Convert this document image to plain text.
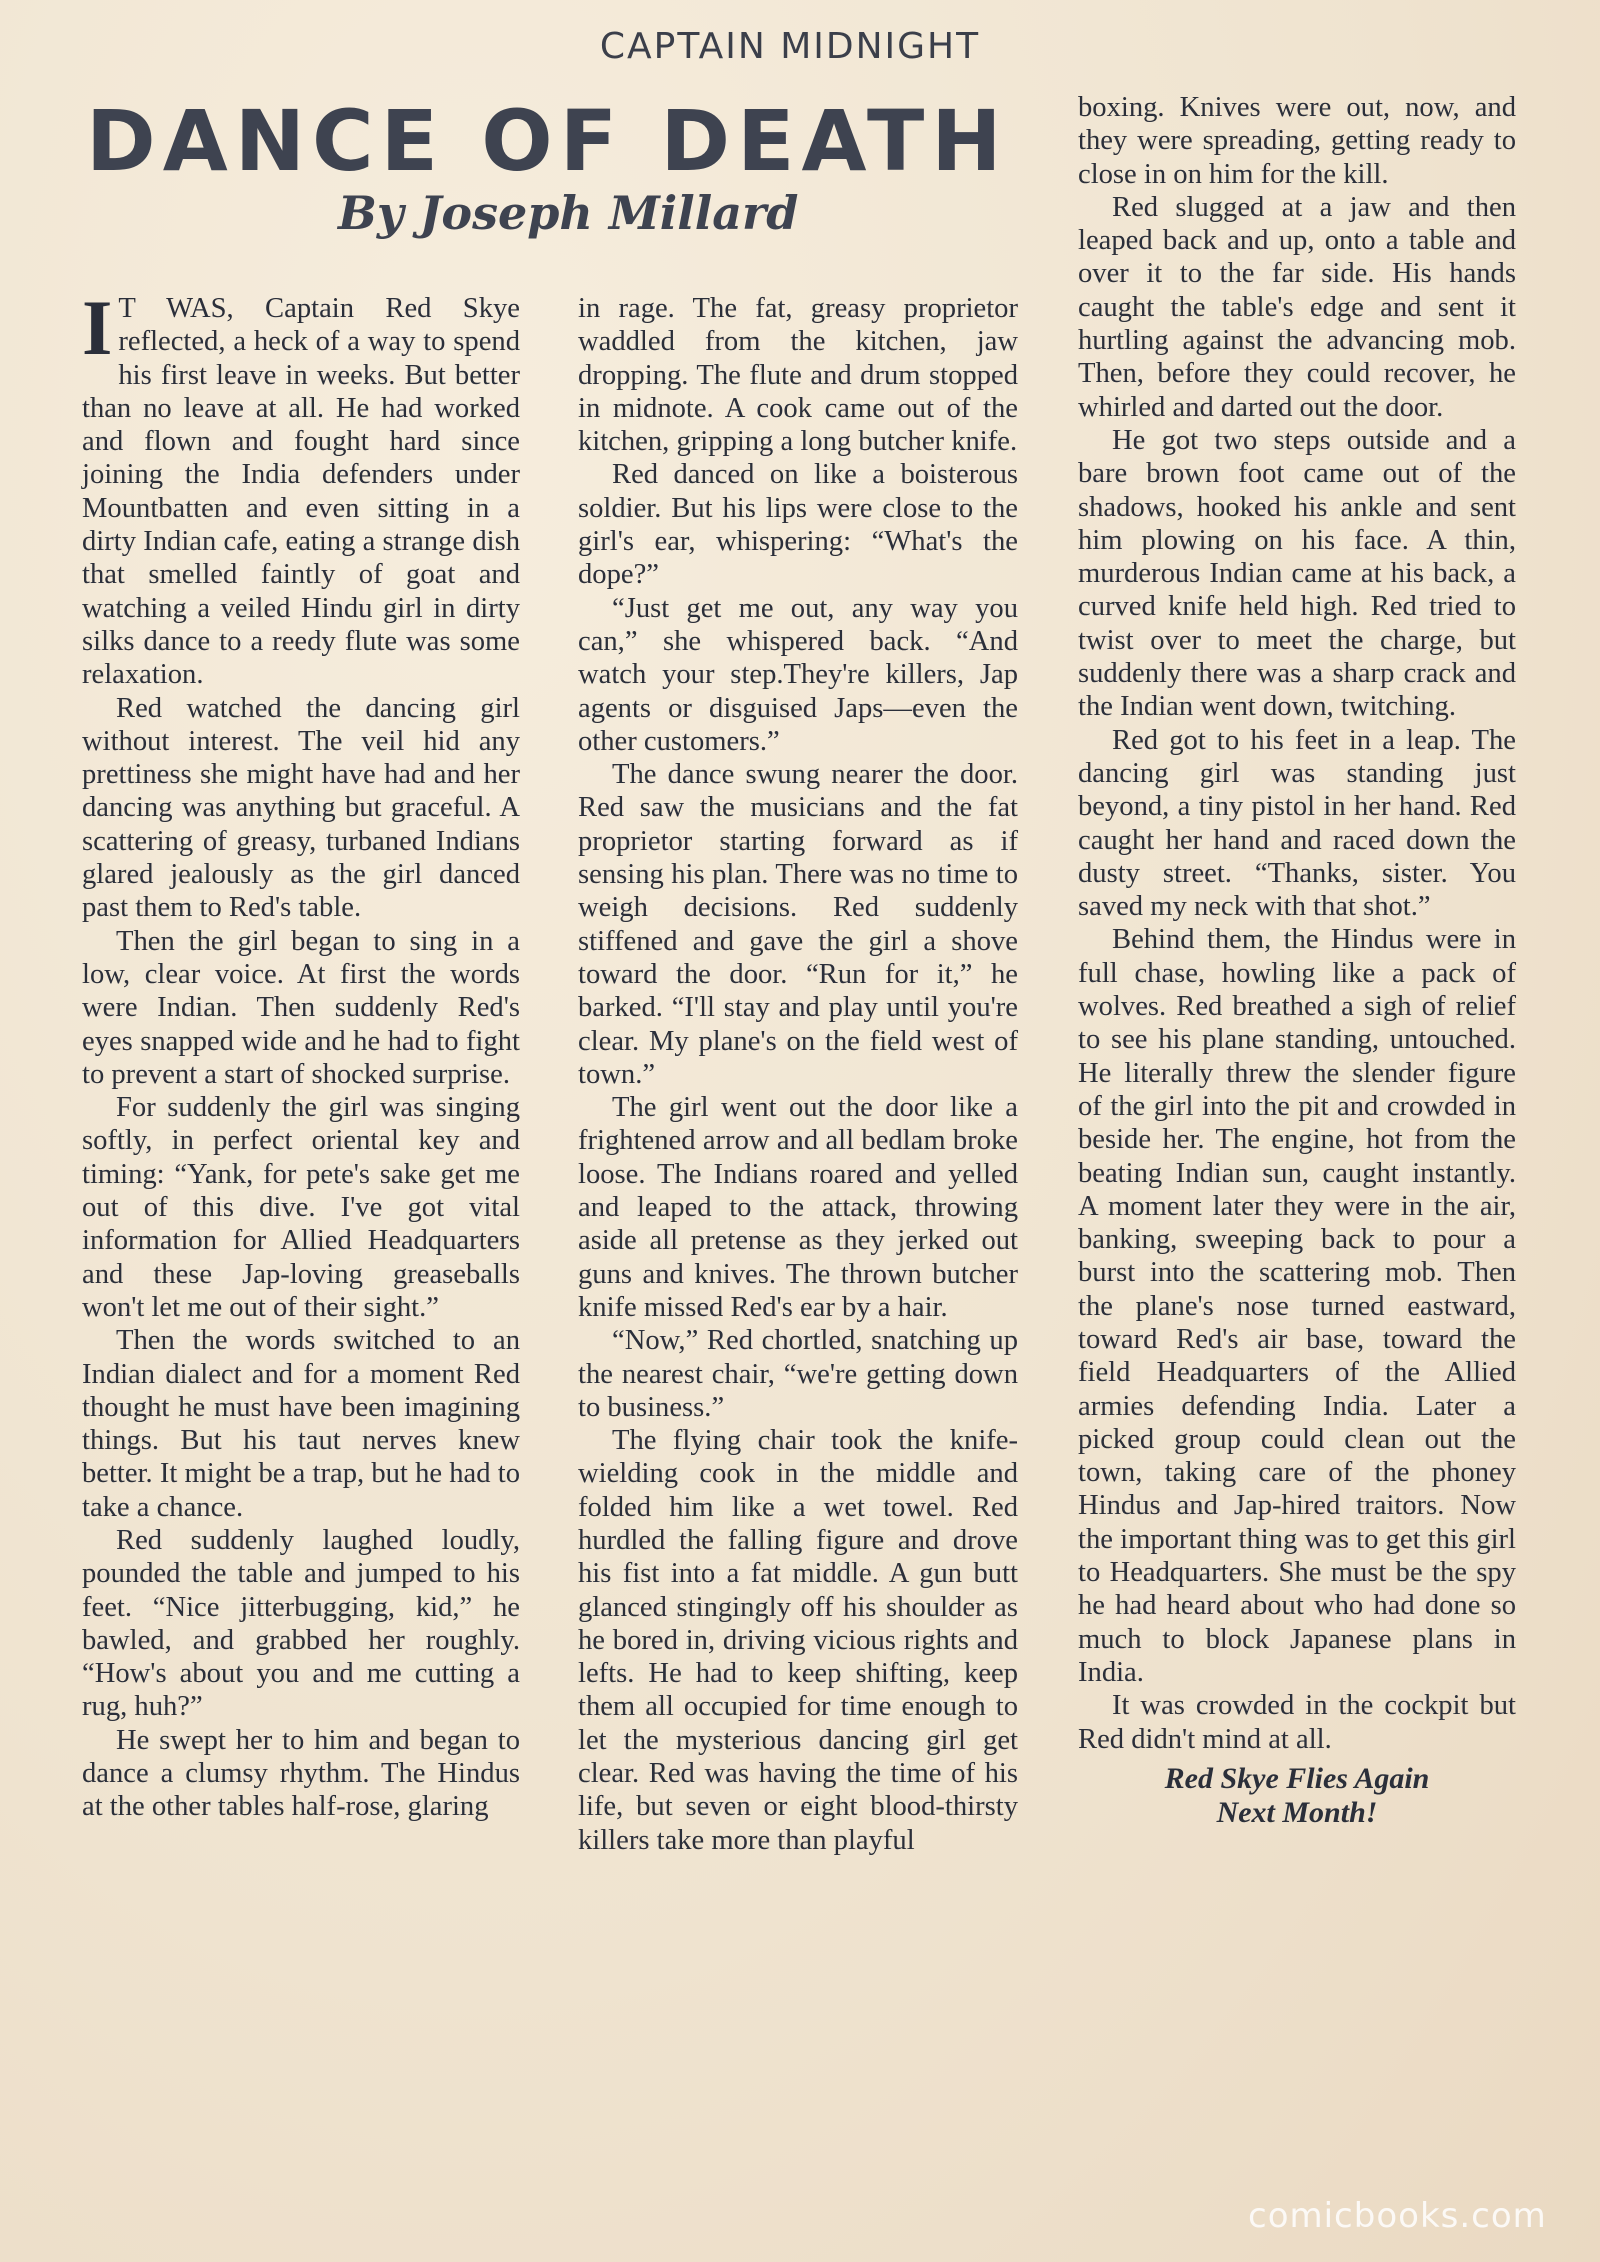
CAPTAIN MIDNIGHT
DANCE OF DEATH
By Joseph Millard

I T WAS, Captain Red Skye reflected, a heck of a way to spend his first leave in weeks. But better than no leave at all. He had worked and flown and fought hard since joining the India defenders under Mountbatten and even sitting in a dirty Indian cafe, eating a strange dish that smelled faintly of goat and watching a veiled Hindu girl in dirty silks dance to a reedy flute was some relaxation.

Red watched the dancing girl without interest. The veil hid any prettiness she might have had and her dancing was anything but graceful. A scattering of greasy, turbaned Indians glared jealously as the girl danced past them to Red's table.

Then the girl began to sing in a low, clear voice. At first the words were Indian. Then suddenly Red's eyes snapped wide and he had to fight to prevent a start of shocked surprise.

For suddenly the girl was singing softly, in perfect oriental key and timing: “Yank, for pete's sake get me out of this dive. I've got vital information for Allied Headquarters and these Jap-loving greaseballs won't let me out of their sight.”

Then the words switched to an Indian dialect and for a moment Red thought he must have been imagining things. But his taut nerves knew better. It might be a trap, but he had to take a chance.

Red suddenly laughed loudly, pounded the table and jumped to his feet. “Nice jitterbugging, kid,” he bawled, and grabbed her roughly. “How's about you and me cutting a rug, huh?”

He swept her to him and began to dance a clumsy rhythm. The Hindus at the other tables half-rose, glaring

in rage. The fat, greasy proprietor waddled from the kitchen, jaw dropping. The flute and drum stopped in midnote. A cook came out of the kitchen, gripping a long butcher knife.

Red danced on like a boisterous soldier. But his lips were close to the girl's ear, whispering: “What's the dope?”

“Just get me out, any way you can,” she whispered back. “And watch your step.They're killers, Jap agents or disguised Japs—even the other customers.”

The dance swung nearer the door. Red saw the musicians and the fat proprietor starting forward as if sensing his plan. There was no time to weigh decisions. Red suddenly stiffened and gave the girl a shove toward the door. “Run for it,” he barked. “I'll stay and play until you're clear. My plane's on the field west of town.”

The girl went out the door like a frightened arrow and all bedlam broke loose. The Indians roared and yelled and leaped to the attack, throwing aside all pretense as they jerked out guns and knives. The thrown butcher knife missed Red's ear by a hair.

“Now,” Red chortled, snatching up the nearest chair, “we're getting down to business.”

The flying chair took the knife-wielding cook in the middle and folded him like a wet towel. Red hurdled the falling figure and drove his fist into a fat middle. A gun butt glanced stingingly off his shoulder as he bored in, driving vicious rights and lefts. He had to keep shifting, keep them all occupied for time enough to let the mysterious dancing girl get clear. Red was having the time of his life, but seven or eight blood-thirsty killers take more than playful

boxing. Knives were out, now, and they were spreading, getting ready to close in on him for the kill.

Red slugged at a jaw and then leaped back and up, onto a table and over it to the far side. His hands caught the table's edge and sent it hurtling against the advancing mob. Then, before they could recover, he whirled and darted out the door.

He got two steps outside and a bare brown foot came out of the shadows, hooked his ankle and sent him plowing on his face. A thin, murderous Indian came at his back, a curved knife held high. Red tried to twist over to meet the charge, but suddenly there was a sharp crack and the Indian went down, twitching.

Red got to his feet in a leap. The dancing girl was standing just beyond, a tiny pistol in her hand. Red caught her hand and raced down the dusty street. “Thanks, sister. You saved my neck with that shot.”

Behind them, the Hindus were in full chase, howling like a pack of wolves. Red breathed a sigh of relief to see his plane standing, untouched. He literally threw the slender figure of the girl into the pit and crowded in beside her. The engine, hot from the beating Indian sun, caught instantly. A moment later they were in the air, banking, sweeping back to pour a burst into the scattering mob. Then the plane's nose turned eastward, toward Red's air base, toward the field Headquarters of the Allied armies defending India. Later a picked group could clean out the town, taking care of the phoney Hindus and Jap-hired traitors. Now the important thing was to get this girl to Headquarters. She must be the spy he had heard about who had done so much to block Japanese plans in India.

It was crowded in the cockpit but Red didn't mind at all.

Red Skye Flies Again
Next Month!
comicbooks.com
